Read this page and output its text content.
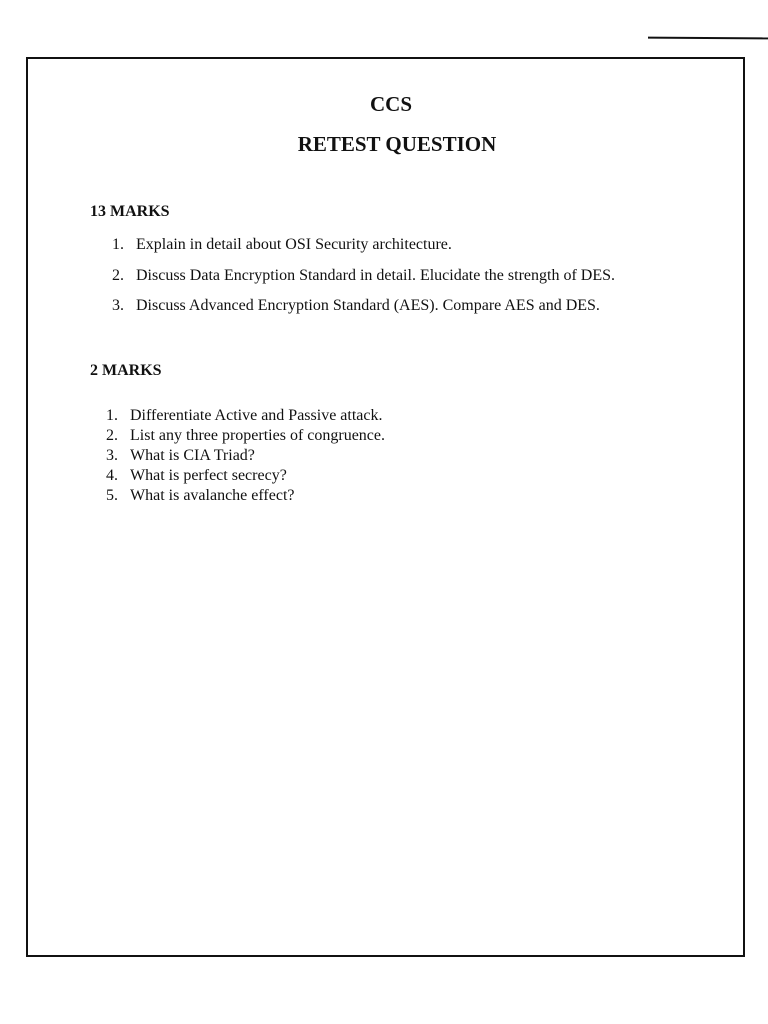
CCS
RETEST QUESTION
13 MARKS
1. Explain in detail about OSI Security architecture.
2. Discuss Data Encryption Standard in detail. Elucidate the strength of DES.
3. Discuss Advanced Encryption Standard (AES). Compare AES and DES.
2 MARKS
1. Differentiate Active and Passive attack.
2. List any three properties of congruence.
3. What is CIA Triad?
4. What is perfect secrecy?
5. What is avalanche effect?
